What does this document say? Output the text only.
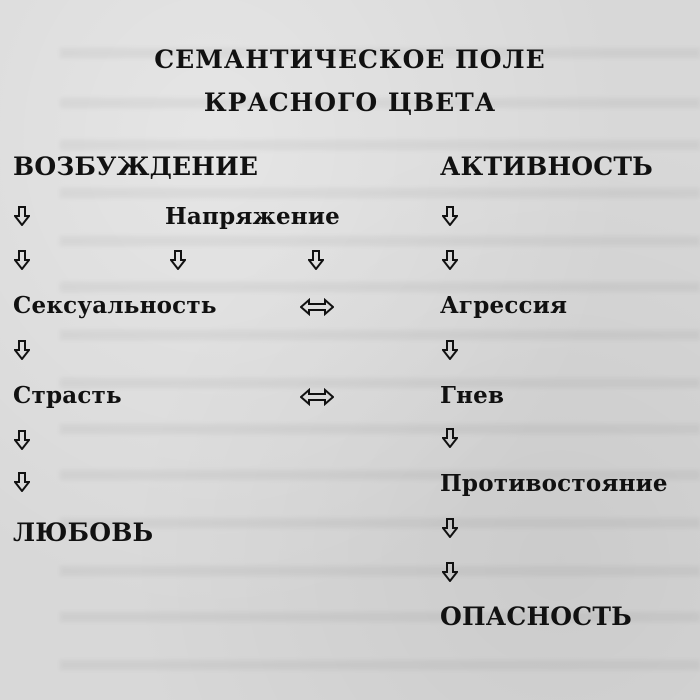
СЕМАНТИЧЕСКОЕ ПОЛЕ
КРАСНОГО ЦВЕТА
ВОЗБУЖДЕНИЕ
Сексуальность
Страсть
ЛЮБОВЬ
Напряжение
АКТИВНОСТЬ
Агрессия
Гнев
Противостояние
ОПАСНОСТЬ
